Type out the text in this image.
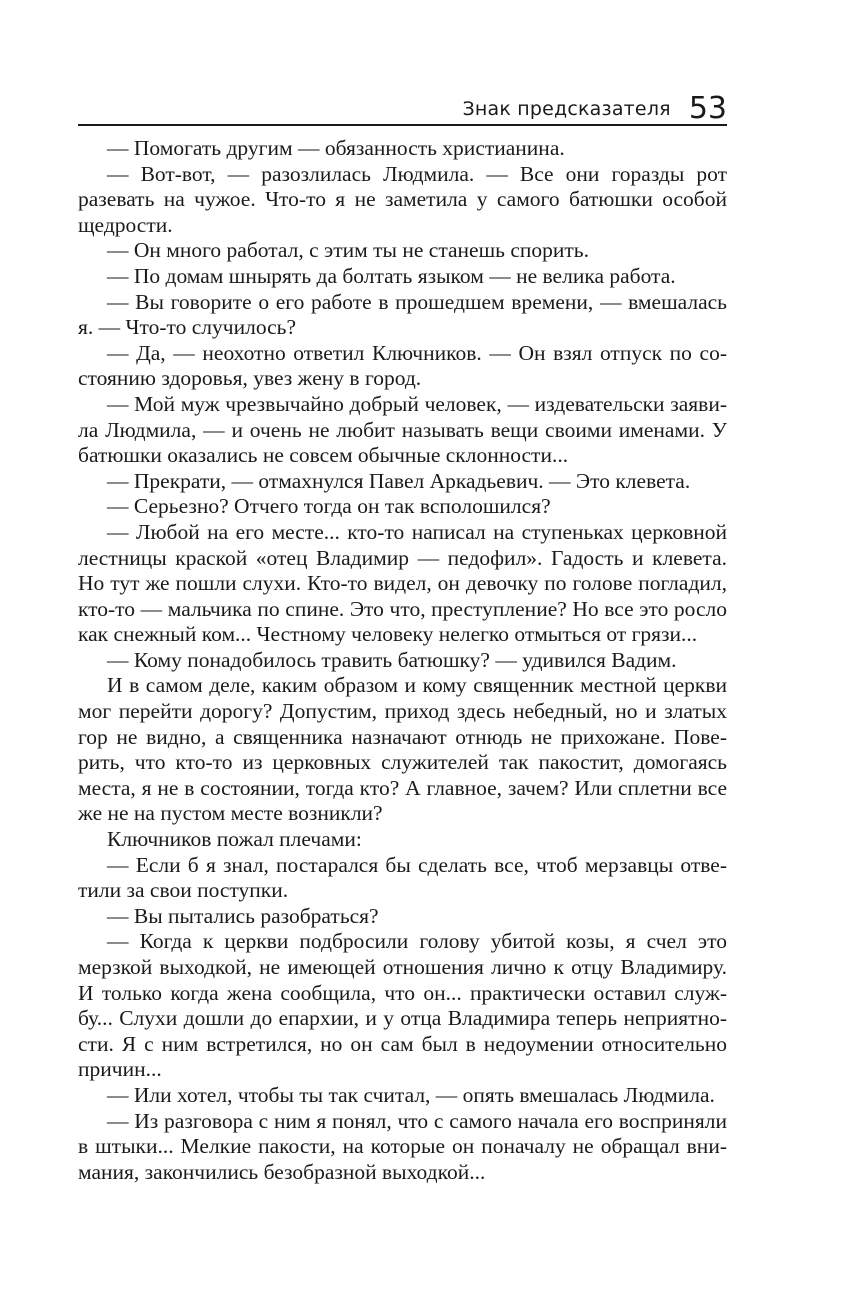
Знак предсказателя 53

— Помогать другим — обязанность христианина.

— Вот-вот, — разозлилась Людмила. — Все они горазды рот разевать на чужое. Что-то я не заметила у самого батюшки особой щедрости.

— Он много работал, с этим ты не станешь спорить.

— По домам шнырять да болтать языком — не велика работа.

— Вы говорите о его работе в прошедшем времени, — вмешалась я. — Что-то случилось?

— Да, — неохотно ответил Ключников. — Он взял отпуск по состоянию здоровья, увез жену в город.

— Мой муж чрезвычайно добрый человек, — издевательски заявила Людмила, — и очень не любит называть вещи своими именами. У батюшки оказались не совсем обычные склонности...

— Прекрати, — отмахнулся Павел Аркадьевич. — Это клевета.

— Серьезно? Отчего тогда он так всполошился?

— Любой на его месте... кто-то написал на ступеньках церковной лестницы краской «отец Владимир — педофил». Гадость и клевета. Но тут же пошли слухи. Кто-то видел, он девочку по голове погладил, кто-то — мальчика по спине. Это что, преступление? Но все это росло как снежный ком... Честному человеку нелегко отмыться от грязи...

— Кому понадобилось травить батюшку? — удивился Вадим.

И в самом деле, каким образом и кому священник местной церкви мог перейти дорогу? Допустим, приход здесь небедный, но и златых гор не видно, а священника назначают отнюдь не прихожане. Поверить, что кто-то из церковных служителей так пакостит, домогаясь места, я не в состоянии, тогда кто? А главное, зачем? Или сплетни все же не на пустом месте возникли?

Ключников пожал плечами:

— Если б я знал, постарался бы сделать все, чтоб мерзавцы ответили за свои поступки.

— Вы пытались разобраться?

— Когда к церкви подбросили голову убитой козы, я счел это мерзкой выходкой, не имеющей отношения лично к отцу Владимиру. И только когда жена сообщила, что он... практически оставил службу... Слухи дошли до епархии, и у отца Владимира теперь неприятности. Я с ним встретился, но он сам был в недоумении относительно причин...

— Или хотел, чтобы ты так считал, — опять вмешалась Людмила.

— Из разговора с ним я понял, что с самого начала его восприняли в штыки... Мелкие пакости, на которые он поначалу не обращал внимания, закончились безобразной выходкой...
